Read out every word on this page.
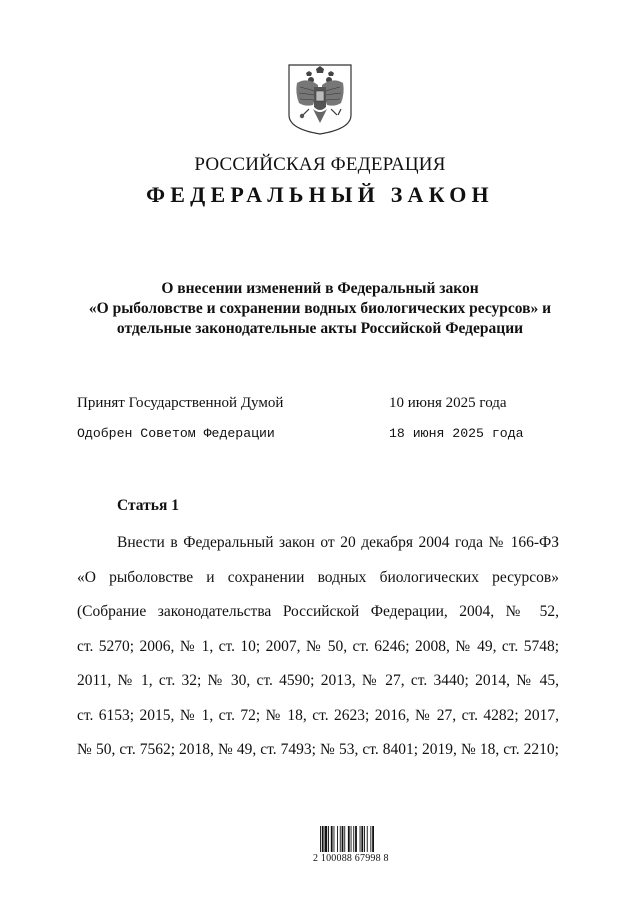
РОССИЙСКАЯ ФЕДЕРАЦИЯ
ФЕДЕРАЛЬНЫЙ ЗАКОН
О внесении изменений в Федеральный закон
«О рыболовстве и сохранении водных биологических ресурсов» и
отдельные законодательные акты Российской Федерации
Принят Государственной Думой	10 июня 2025 года
Одобрен Советом Федерации	18 июня 2025 года
Статья 1
Внести в Федеральный закон от 20 декабря 2004 года № 166-ФЗ
«О рыболовстве и сохранении водных биологических ресурсов»
(Собрание законодательства Российской Федерации, 2004, № 52,
ст. 5270; 2006, № 1, ст. 10; 2007, № 50, ст. 6246; 2008, № 49, ст. 5748;
2011, № 1, ст. 32; № 30, ст. 4590; 2013, № 27, ст. 3440; 2014, № 45,
ст. 6153; 2015, № 1, ст. 72; № 18, ст. 2623; 2016, № 27, ст. 4282; 2017,
№ 50, ст. 7562; 2018, № 49, ст. 7493; № 53, ст. 8401; 2019, № 18, ст. 2210;
2 100088 67998 8
